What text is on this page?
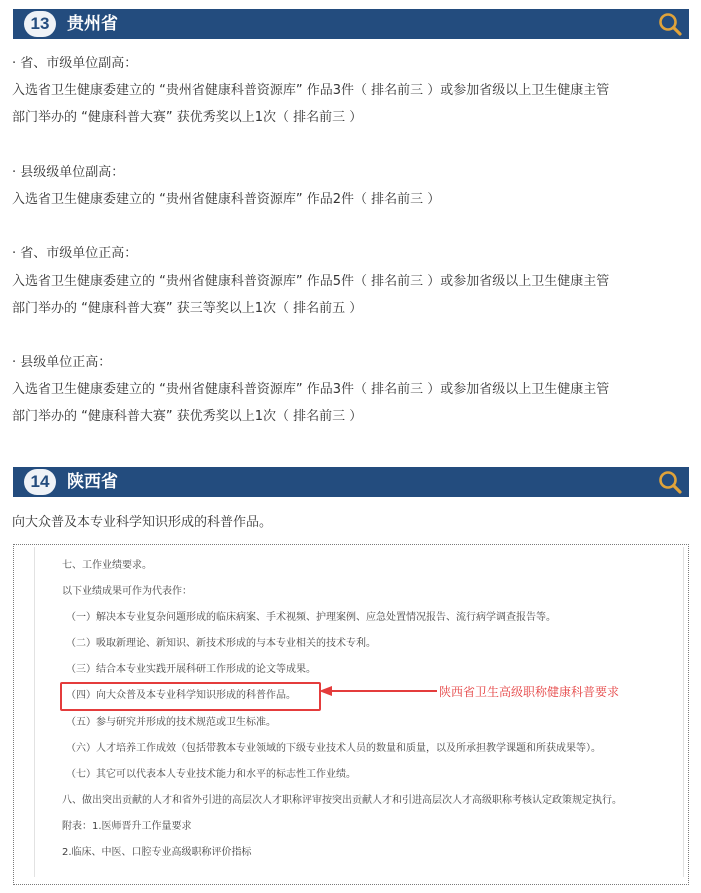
13	贵州省
· 省、市级单位副高：
入选省卫生健康委建立的 “贵州省健康科普资源库” 作品3件（ 排名前三 ）或参加省级以上卫生健康主管
部门举办的 “健康科普大赛” 获优秀奖以上1次（ 排名前三 ）
· 县级级单位副高：
入选省卫生健康委建立的 “贵州省健康科普资源库” 作品2件（ 排名前三 ）
· 省、市级单位正高：
入选省卫生健康委建立的 “贵州省健康科普资源库” 作品5件（ 排名前三 ）或参加省级以上卫生健康主管
部门举办的 “健康科普大赛” 获三等奖以上1次（ 排名前五 ）
· 县级单位正高：
入选省卫生健康委建立的 “贵州省健康科普资源库” 作品3件（ 排名前三 ）或参加省级以上卫生健康主管
部门举办的 “健康科普大赛” 获优秀奖以上1次（ 排名前三 ）
14	陕西省
向大众普及本专业科学知识形成的科普作品。
七、工作业绩要求。
以下业绩成果可作为代表作：
（一）解决本专业复杂问题形成的临床病案、手术视频、护理案例、应急处置情况报告、流行病学调查报告等。
（二）吸取新理论、新知识、新技术形成的与本专业相关的技术专利。
（三）结合本专业实践开展科研工作形成的论文等成果。
（四）向大众普及本专业科学知识形成的科普作品。
（五）参与研究并形成的技术规范或卫生标准。
（六）人才培养工作成效（包括带教本专业领域的下级专业技术人员的数量和质量，以及所承担教学课题和所获成果等）。
（七）其它可以代表本人专业技术能力和水平的标志性工作业绩。
八、做出突出贡献的人才和省外引进的高层次人才职称评审按突出贡献人才和引进高层次人才高级职称考核认定政策规定执行。
附表：1.医师晋升工作量要求
2.临床、中医、口腔专业高级职称评价指标
陕西省卫生高级职称健康科普要求
